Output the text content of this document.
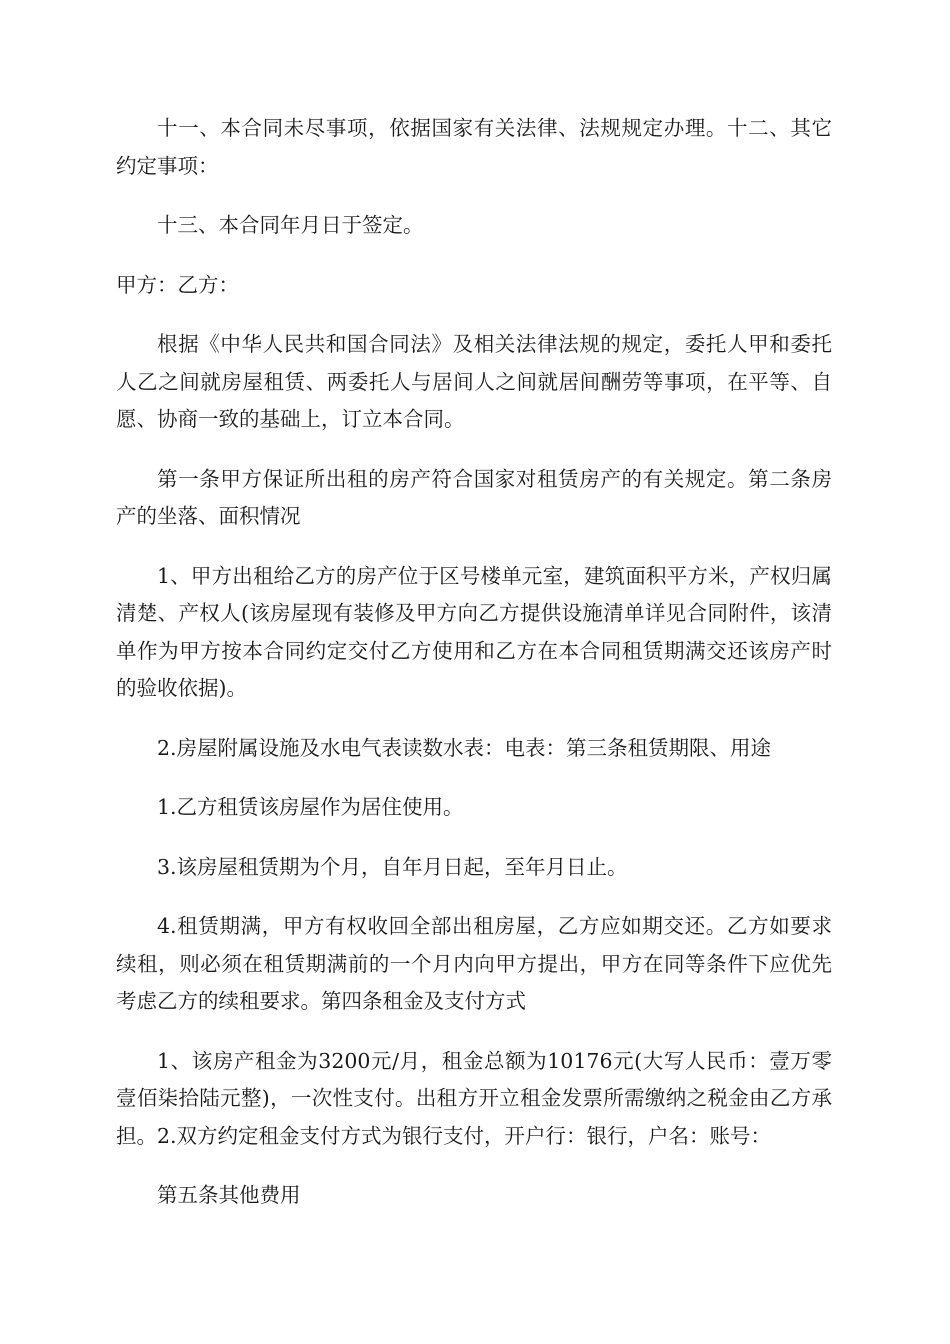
十一、本合同未尽事项，依据国家有关法律、法规规定办理。十二、其它约定事项：

十三、本合同年月日于签定。

甲方：乙方：

根据《中华人民共和国合同法》及相关法律法规的规定，委托人甲和委托人乙之间就房屋租赁、两委托人与居间人之间就居间酬劳等事项，在平等、自愿、协商一致的基础上，订立本合同。

第一条甲方保证所出租的房产符合国家对租赁房产的有关规定。第二条房产的坐落、面积情况

1、甲方出租给乙方的房产位于区号楼单元室，建筑面积平方米，产权归属清楚、产权人(该房屋现有装修及甲方向乙方提供设施清单详见合同附件，该清单作为甲方按本合同约定交付乙方使用和乙方在本合同租赁期满交还该房产时的验收依据)。

2.房屋附属设施及水电气表读数水表：电表：第三条租赁期限、用途

1.乙方租赁该房屋作为居住使用。

3.该房屋租赁期为个月，自年月日起，至年月日止。

4.租赁期满，甲方有权收回全部出租房屋，乙方应如期交还。乙方如要求续租，则必须在租赁期满前的一个月内向甲方提出，甲方在同等条件下应优先考虑乙方的续租要求。第四条租金及支付方式

1、该房产租金为3200元/月，租金总额为10176元(大写人民币：壹万零壹佰柒拾陆元整)，一次性支付。出租方开立租金发票所需缴纳之税金由乙方承担。2.双方约定租金支付方式为银行支付，开户行：银行，户名：账号：

第五条其他费用
